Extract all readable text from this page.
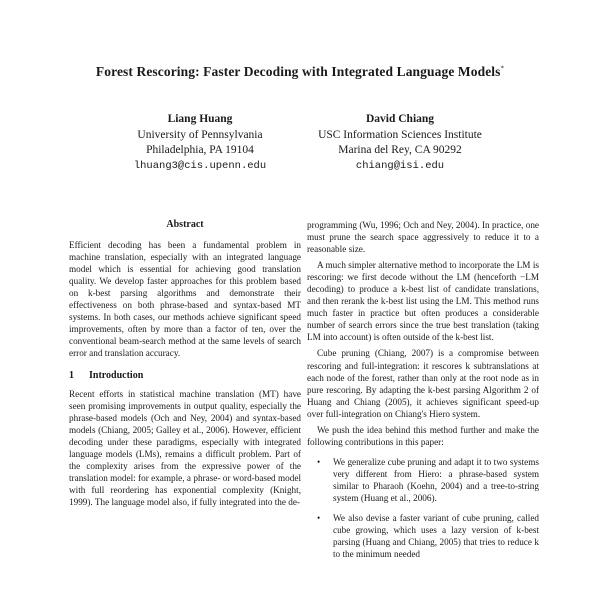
Forest Rescoring: Faster Decoding with Integrated Language Models*
Liang Huang
University of Pennsylvania
Philadelphia, PA 19104
lhuang3@cis.upenn.edu
David Chiang
USC Information Sciences Institute
Marina del Rey, CA 90292
chiang@isi.edu
Abstract

Efficient decoding has been a fundamental problem in machine translation, especially with an integrated language model which is essential for achieving good translation quality. We develop faster approaches for this problem based on k-best parsing algorithms and demonstrate their effectiveness on both phrase-based and syntax-based MT systems. In both cases, our methods achieve significant speed improvements, often by more than a factor of ten, over the conventional beam-search method at the same levels of search error and translation accuracy.

1 Introduction

Recent efforts in statistical machine translation (MT) have seen promising improvements in output quality, especially the phrase-based models (Och and Ney, 2004) and syntax-based models (Chiang, 2005; Galley et al., 2006). However, efficient decoding under these paradigms, especially with integrated language models (LMs), remains a difficult problem. Part of the complexity arises from the expressive power of the translation model: for example, a phrase- or word-based model with full reordering has exponential complexity (Knight, 1999). The language model also, if fully integrated into the de-

programming (Wu, 1996; Och and Ney, 2004). In practice, one must prune the search space aggressively to reduce it to a reasonable size.

A much simpler alternative method to incorporate the LM is rescoring: we first decode without the LM (henceforth −LM decoding) to produce a k-best list of candidate translations, and then rerank the k-best list using the LM. This method runs much faster in practice but often produces a considerable number of search errors since the true best translation (taking LM into account) is often outside of the k-best list.

Cube pruning (Chiang, 2007) is a compromise between rescoring and full-integration: it rescores k subtranslations at each node of the forest, rather than only at the root node as in pure rescoring. By adapting the k-best parsing Algorithm 2 of Huang and Chiang (2005), it achieves significant speed-up over full-integration on Chiang's Hiero system.

We push the idea behind this method further and make the following contributions in this paper:

• We generalize cube pruning and adapt it to two systems very different from Hiero: a phrase-based system similar to Pharaoh (Koehn, 2004) and a tree-to-string system (Huang et al., 2006).
• We also devise a faster variant of cube pruning, called cube growing, which uses a lazy version of k-best parsing (Huang and Chiang, 2005) that tries to reduce k to the minimum needed
